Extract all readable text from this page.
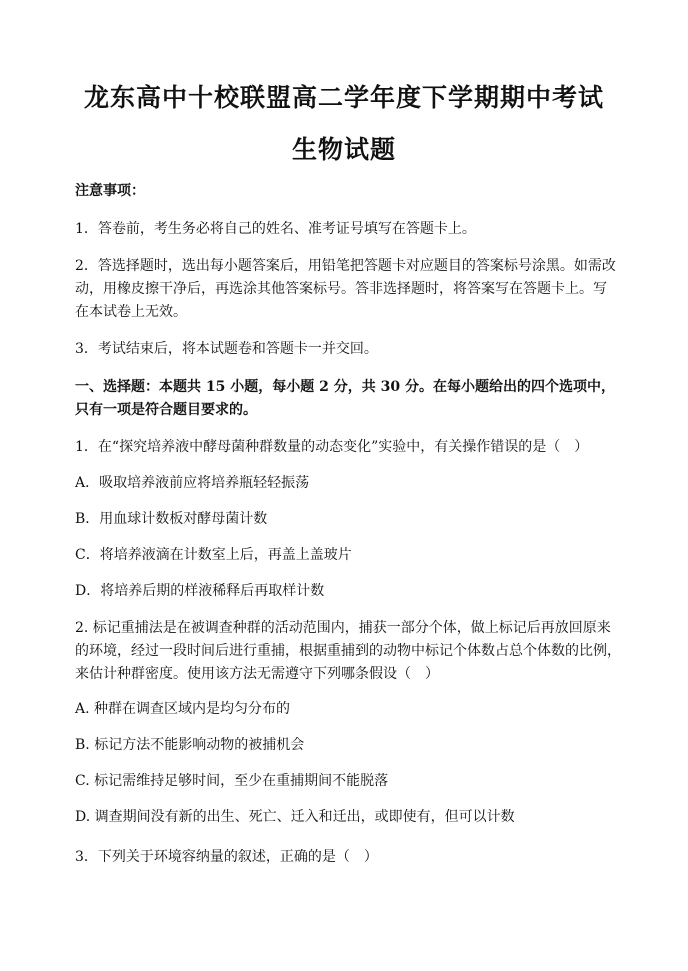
龙东高中十校联盟高二学年度下学期期中考试
生物试题
注意事项：
1．答卷前，考生务必将自己的姓名、准考证号填写在答题卡上。
2．答选择题时，选出每小题答案后，用铅笔把答题卡对应题目的答案标号涂黑。如需改
动，用橡皮擦干净后，再选涂其他答案标号。答非选择题时，将答案写在答题卡上。写
在本试卷上无效。
3．考试结束后，将本试题卷和答题卡一并交回。
一、选择题：本题共 15 小题，每小题 2 分，共 30 分。在每小题给出的四个选项中，
只有一项是符合题目要求的。
1．在“探究培养液中酵母菌种群数量的动态变化”实验中，有关操作错误的是（　）
A．吸取培养液前应将培养瓶轻轻振荡
B．用血球计数板对酵母菌计数
C．将培养液滴在计数室上后，再盖上盖玻片
D．将培养后期的样液稀释后再取样计数
2. 标记重捕法是在被调查种群的活动范围内，捕获一部分个体，做上标记后再放回原来
的环境，经过一段时间后进行重捕，根据重捕到的动物中标记个体数占总个体数的比例，
来估计种群密度。使用该方法无需遵守下列哪条假设（　）
A. 种群在调查区域内是均匀分布的
B. 标记方法不能影响动物的被捕机会
C. 标记需维持足够时间，至少在重捕期间不能脱落
D. 调查期间没有新的出生、死亡、迁入和迁出，或即使有，但可以计数
3．下列关于环境容纳量的叙述，正确的是（　）
